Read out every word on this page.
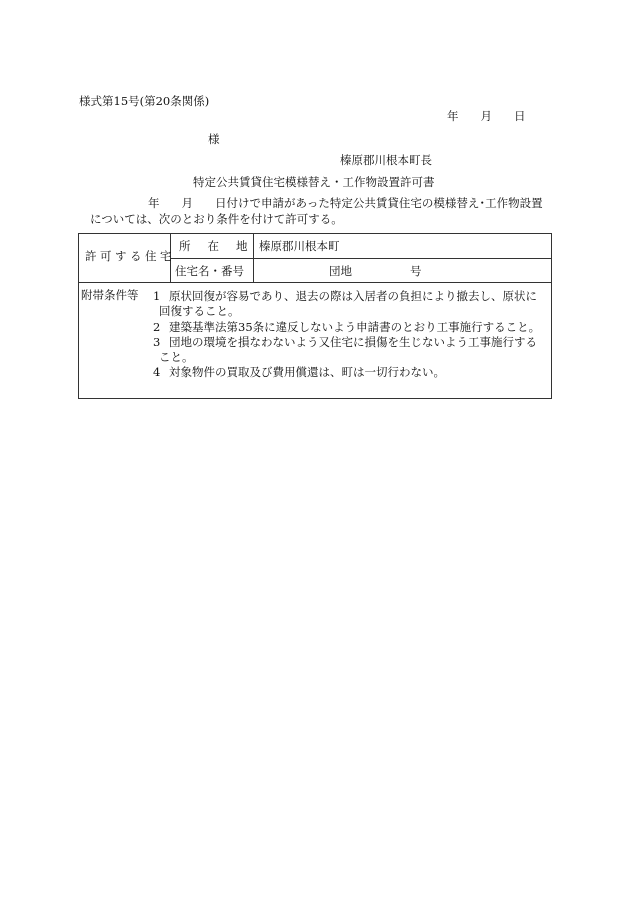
様式第15号(第20条関係)
年 月 日
様
榛原郡川根本町長
特定公共賃貸住宅模様替え・工作物設置許可書
年 月 日付けで申請があった特定公共賃貸住宅の模様替え･工作物設置
については、次のとおり条件を付けて許可する。
許可する住宅
所 在 地 榛原郡川根本町
住宅名・番号	団地	号
附帯条件等 1 原状回復が容易であり、退去の際は入居者の負担により撤去し、原状に
回復すること。
2 建築基準法第35条に違反しないよう申請書のとおり工事施行すること。
3 団地の環境を損なわないよう又住宅に損傷を生じないよう工事施行する
こと。
4 対象物件の買取及び費用償還は、町は一切行わない。
